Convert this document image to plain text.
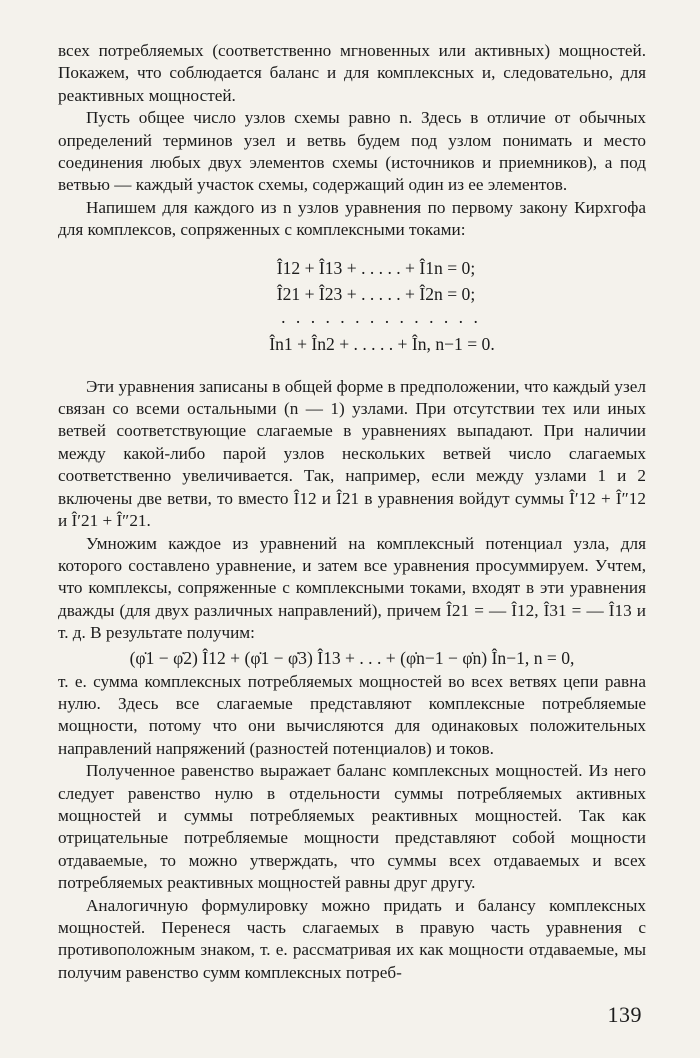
всех потребляемых (соответственно мгновенных или активных) мощностей. Покажем, что соблюдается баланс и для комплексных и, следовательно, для реактивных мощностей.

Пусть общее число узлов схемы равно n. Здесь в отличие от обычных определений терминов узел и ветвь будем под узлом понимать и место соединения любых двух элементов схемы (источников и приемников), а под ветвью — каждый участок схемы, содержащий один из ее элементов.

Напишем для каждого из n узлов уравнения по первому закону Кирхгофа для комплексов, сопряженных с комплексными токами:

Î12 + Î13 + . . . . . + Î1n = 0;

Î21 + Î23 + . . . . . + Î2n = 0;

. . . . . . . . . . . . . .

În1 + În2 + . . . . . + În, n−1 = 0.

Эти уравнения записаны в общей форме в предположении, что каждый узел связан со всеми остальными (n — 1) узлами. При отсутствии тех или иных ветвей соответствующие слагаемые в уравнениях выпадают. При наличии между какой-либо парой узлов нескольких ветвей число слагаемых соответственно увеличивается. Так, например, если между узлами 1 и 2 включены две ветви, то вместо Î12 и Î21 в уравнения войдут суммы Î′12 + Î″12 и Î′21 + Î″21.

Умножим каждое из уравнений на комплексный потенциал узла, для которого составлено уравнение, и затем все уравнения просуммируем. Учтем, что комплексы, сопряженные с комплексными токами, входят в эти уравнения дважды (для двух различных направлений), причем Î21 = — Î12, Î31 = — Î13 и т. д. В результате получим:

(φ̇1 − φ̇2) Î12 + (φ̇1 − φ̇3) Î13 + . . . + (φ̇n−1 − φ̇n) În−1, n = 0,

т. е. сумма комплексных потребляемых мощностей во всех ветвях цепи равна нулю. Здесь все слагаемые представляют комплексные потребляемые мощности, потому что они вычисляются для одинаковых положительных направлений напряжений (разностей потенциалов) и токов.

Полученное равенство выражает баланс комплексных мощностей. Из него следует равенство нулю в отдельности суммы потребляемых активных мощностей и суммы потребляемых реактивных мощностей. Так как отрицательные потребляемые мощности представляют собой мощности отдаваемые, то можно утверждать, что суммы всех отдаваемых и всех потребляемых реактивных мощностей равны друг другу.

Аналогичную формулировку можно придать и балансу комплексных мощностей. Перенеся часть слагаемых в правую часть уравнения с противоположным знаком, т. е. рассматривая их как мощности отдаваемые, мы получим равенство сумм комплексных потреб-

139
